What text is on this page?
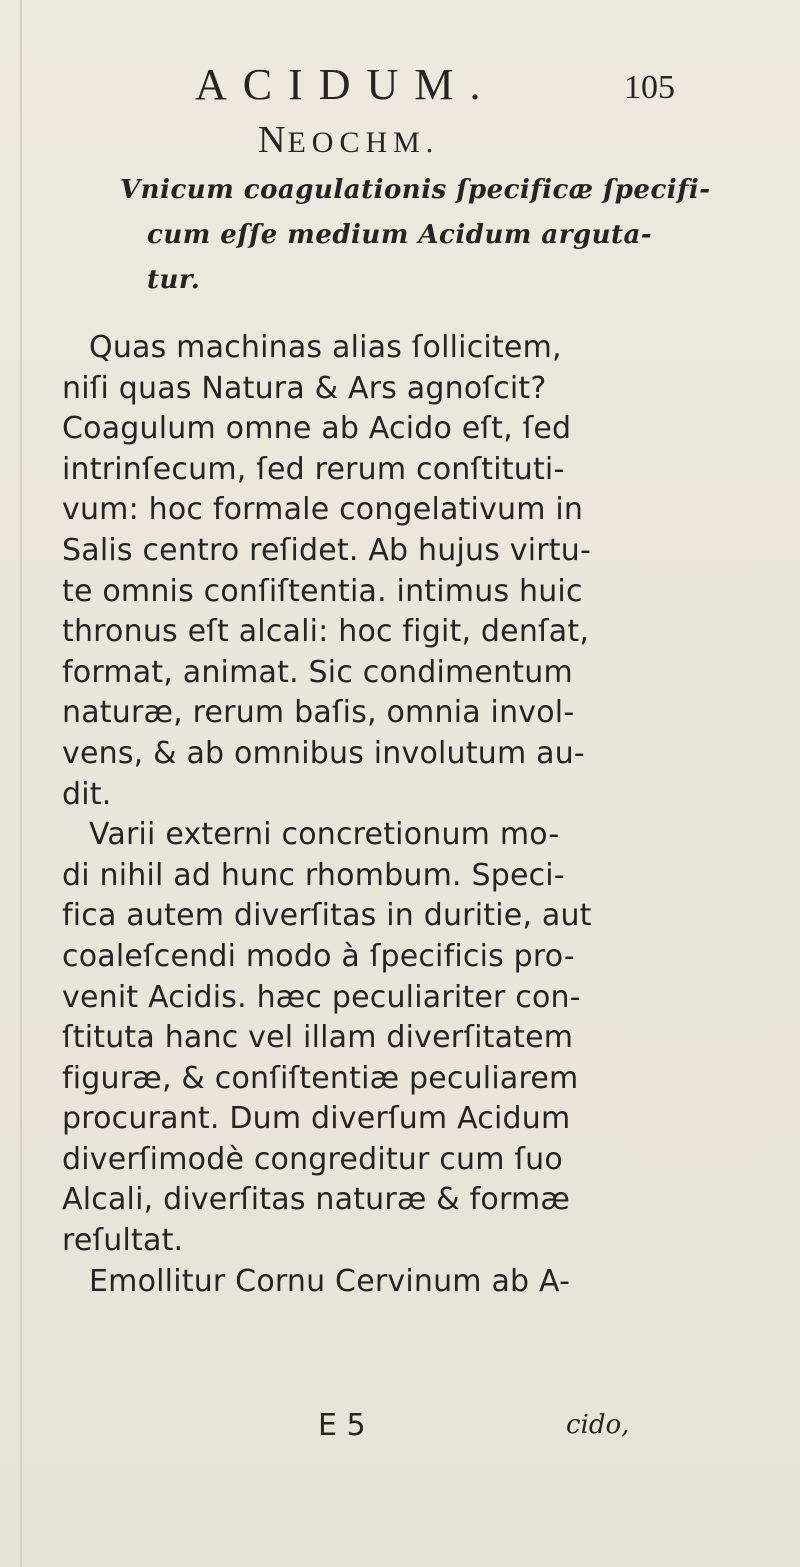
ACIDUM.	105
NEOCHM.
Vnicum coagulationis ſpecificæ ſpecifi-
cum eſſe medium Acidum arguta-
tur.
Quas machinas alias ſollicitem,
niſi quas Natura & Ars agnoſcit?
Coagulum omne ab Acido eſt, ſed
intrinſecum, ſed rerum conſtituti-
vum: hoc formale congelativum in
Salis centro reſidet. Ab hujus virtu-
te omnis conſiſtentia. intimus huic
thronus eſt alcali: hoc figit, denſat,
format, animat. Sic condimentum
naturæ, rerum baſis, omnia invol-
vens, & ab omnibus involutum au-
dit.
Varii externi concretionum mo-
di nihil ad hunc rhombum. Speci-
fica autem diverſitas in duritie, aut
coaleſcendi modo à ſpecificis pro-
venit Acidis. hæc peculiariter con-
ſtituta hanc vel illam diverſitatem
figuræ, & conſiſtentiæ peculiarem
procurant. Dum diverſum Acidum
diverſimodè congreditur cum ſuo
Alcali, diverſitas naturæ & formæ
reſultat.
Emollitur Cornu Cervinum ab A-
E 5	cido,
